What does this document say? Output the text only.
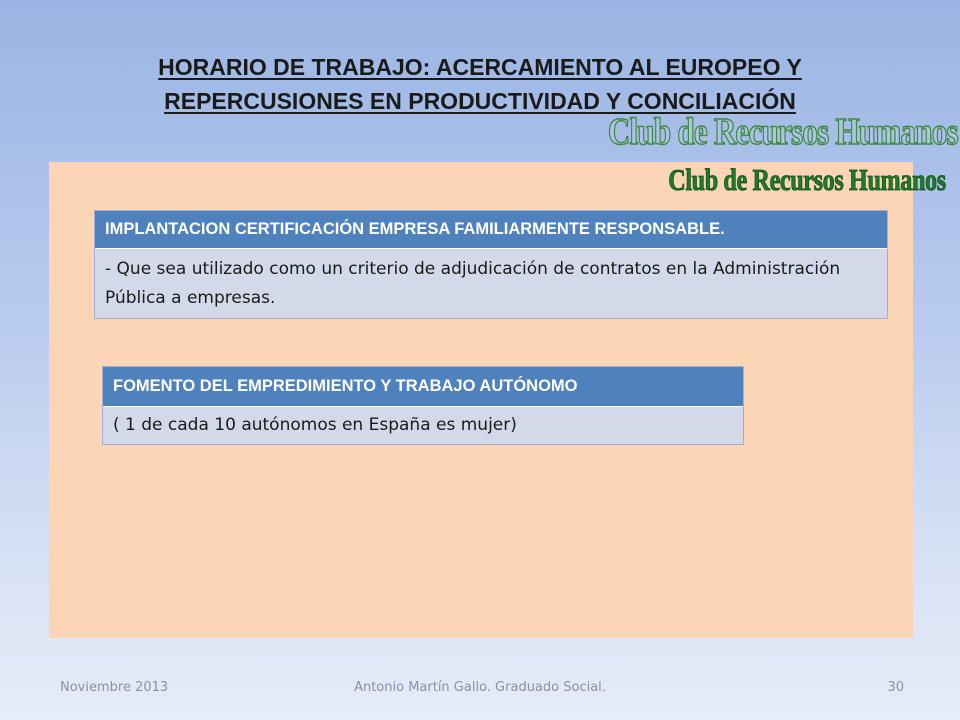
HORARIO DE TRABAJO: ACERCAMIENTO AL EUROPEO Y
REPERCUSIONES EN PRODUCTIVIDAD Y CONCILIACIÓN
Club de Recursos Humanos
Club de Recursos Humanos
IMPLANTACION CERTIFICACIÓN EMPRESA FAMILIARMENTE RESPONSABLE.
- Que sea utilizado como un criterio de adjudicación de contratos en la Administración Pública a empresas.
FOMENTO DEL EMPREDIMIENTO Y TRABAJO AUTÓNOMO
( 1 de cada 10 autónomos en España es mujer)
Noviembre 2013	Antonio Martín Gallo. Graduado Social.	30
